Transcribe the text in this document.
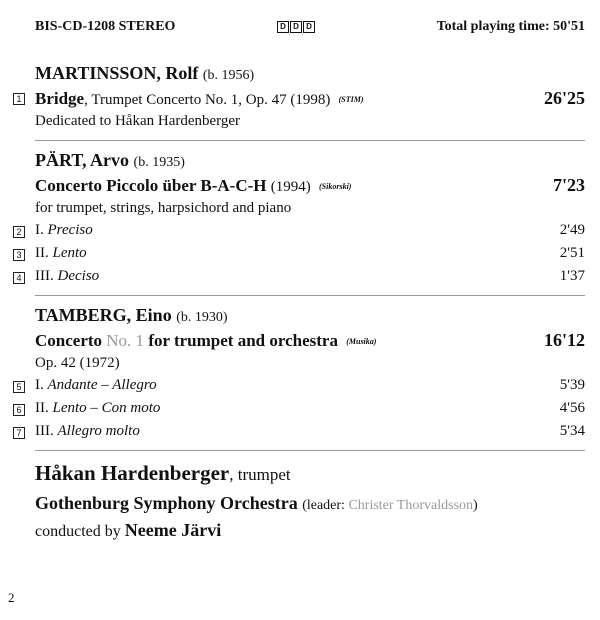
BIS-CD-1208 STEREO	D D D	Total playing time: 50'51
MARTINSSON, Rolf (b. 1956)
1 Bridge, Trumpet Concerto No. 1, Op. 47 (1998) (STIM)	26'25
Dedicated to Håkan Hardenberger
PÄRT, Arvo (b. 1935)
Concerto Piccolo über B-A-C-H (1994) (Sikorski)	7'23
for trumpet, strings, harpsichord and piano
2 I. Preciso	2'49
3 II. Lento	2'51
4 III. Deciso	1'37
TAMBERG, Eino (b. 1930)
Concerto No. 1 for trumpet and orchestra (Musika)	16'12
Op. 42 (1972)
5 I. Andante – Allegro	5'39
6 II. Lento – Con moto	4'56
7 III. Allegro molto	5'34
Håkan Hardenberger, trumpet
Gothenburg Symphony Orchestra (leader: Christer Thorvaldsson)
conducted by Neeme Järvi
2
